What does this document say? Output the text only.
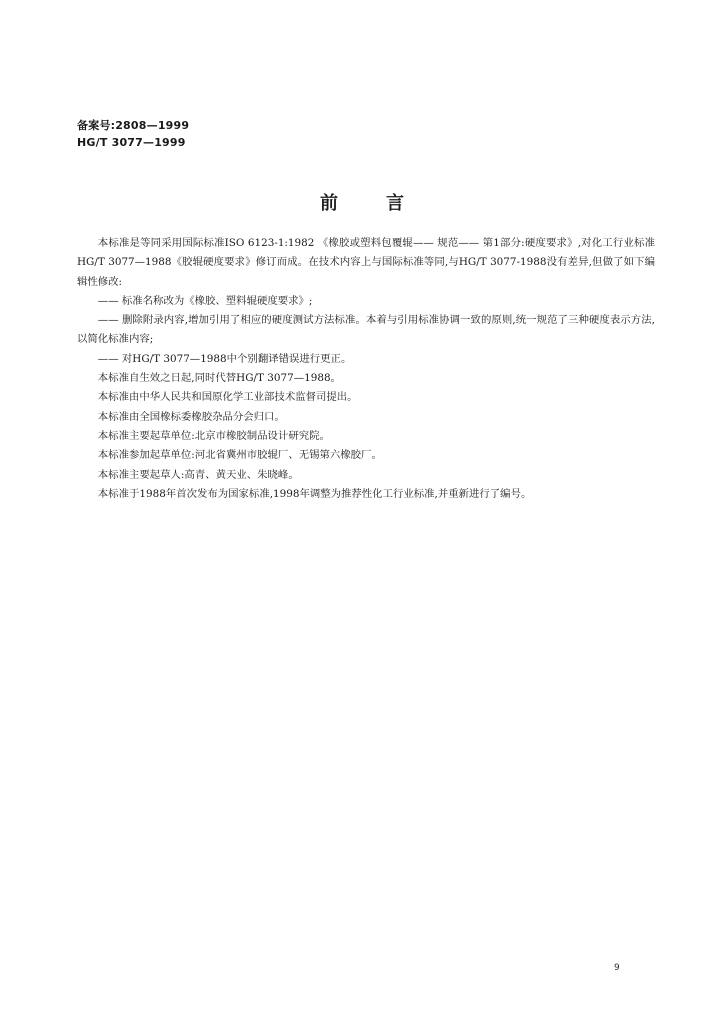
备案号:2808—1999
HG/T 3077—1999
前言

本标准是等同采用国际标准ISO 6123-1:1982 《橡胶或塑料包覆辊—— 规范—— 第1部分:硬度要求》,对化工行业标准HG/T 3077—1988《胶辊硬度要求》修订而成。在技术内容上与国际标准等同,与HG/T 3077-1988没有差异,但做了如下编辑性修改:

—— 标准名称改为《橡胶、塑料辊硬度要求》;

—— 删除附录内容,增加引用了相应的硬度测试方法标准。本着与引用标准协调一致的原则,统一规范了三种硬度表示方法,以简化标准内容;

—— 对HG/T 3077—1988中个别翻译错误进行更正。

本标准自生效之日起,同时代替HG/T 3077—1988。

本标准由中华人民共和国原化学工业部技术监督司提出。

本标准由全国橡标委橡胶杂品分会归口。

本标准主要起草单位:北京市橡胶制品设计研究院。

本标准参加起草单位:河北省冀州市胶辊厂、无锡第六橡胶厂。

本标准主要起草人:高青、黄天业、朱晓峰。

本标准于1988年首次发布为国家标准,1998年调整为推荐性化工行业标准,并重新进行了编号。

9
